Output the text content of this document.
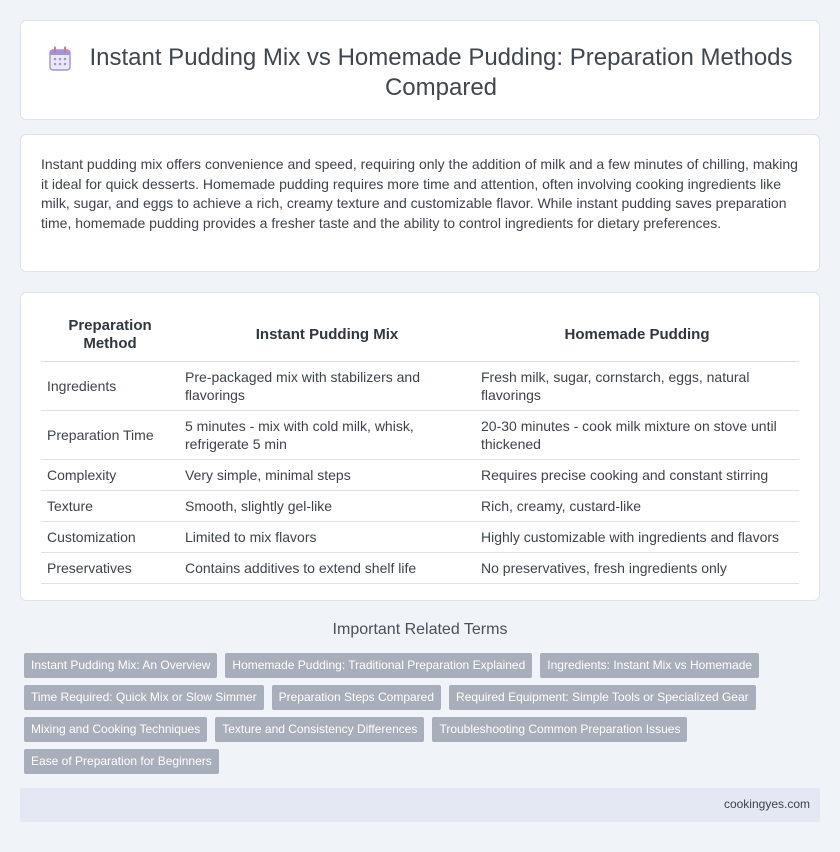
Instant Pudding Mix vs Homemade Pudding: Preparation Methods Compared

Instant pudding mix offers convenience and speed, requiring only the addition of milk and a few minutes of chilling, making it ideal for quick desserts. Homemade pudding requires more time and attention, often involving cooking ingredients like milk, sugar, and eggs to achieve a rich, creamy texture and customizable flavor. While instant pudding saves preparation time, homemade pudding provides a fresher taste and the ability to control ingredients for dietary preferences.

Preparation Method	Instant Pudding Mix	Homemade Pudding
Ingredients	Pre-packaged mix with stabilizers and flavorings	Fresh milk, sugar, cornstarch, eggs, natural flavorings
Preparation Time	5 minutes - mix with cold milk, whisk, refrigerate 5 min	20-30 minutes - cook milk mixture on stove until thickened
Complexity	Very simple, minimal steps	Requires precise cooking and constant stirring
Texture	Smooth, slightly gel-like	Rich, creamy, custard-like
Customization	Limited to mix flavors	Highly customizable with ingredients and flavors
Preservatives	Contains additives to extend shelf life	No preservatives, fresh ingredients only
Important Related Terms
Instant Pudding Mix: An Overview	Homemade Pudding: Traditional Preparation Explained	Ingredients: Instant Mix vs Homemade
Time Required: Quick Mix or Slow Simmer	Preparation Steps Compared	Required Equipment: Simple Tools or Specialized Gear
Mixing and Cooking Techniques	Texture and Consistency Differences	Troubleshooting Common Preparation Issues
Ease of Preparation for Beginners
cookingyes.com
